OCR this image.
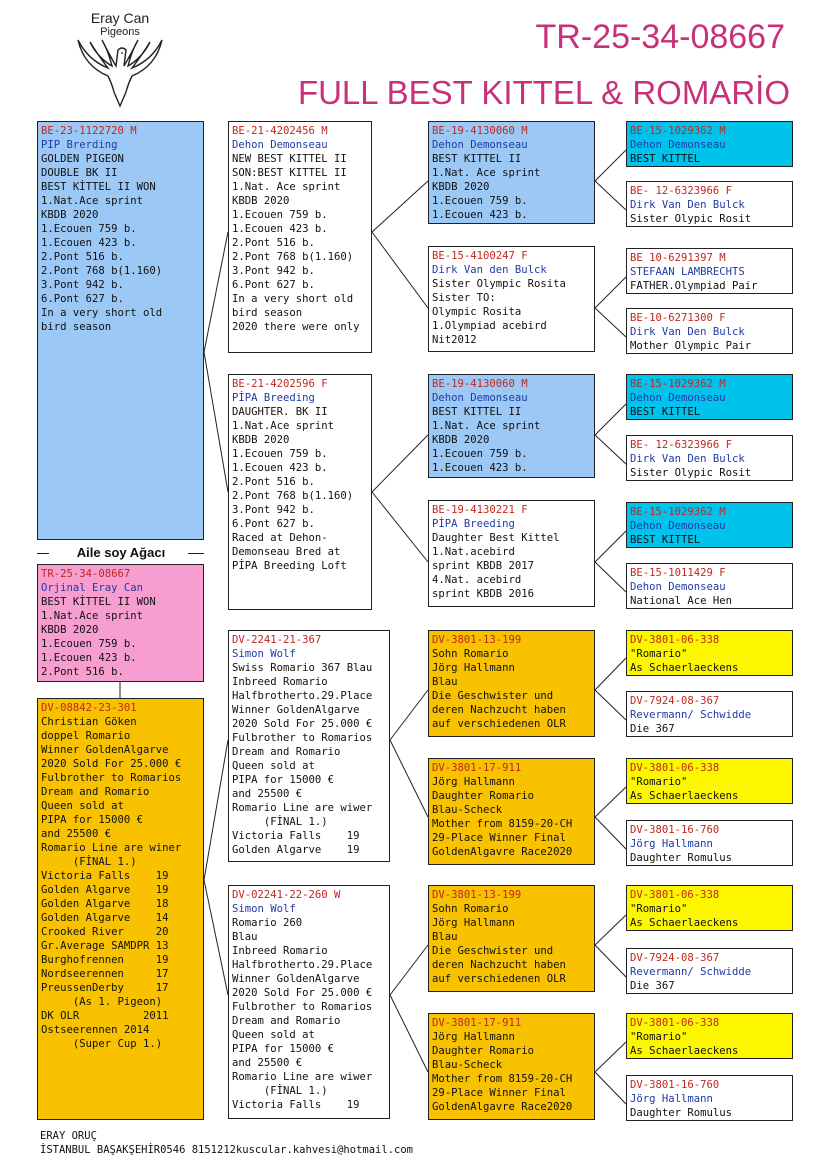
Eray Can
Pigeons	TR-25-34-08667
FULL BEST KITTEL & ROMARİO
BE-23-1122720 M
PIP Brerding
GOLDEN PIGEON
DOUBLE BK II
BEST KİTTEL II WON
1.Nat.Ace sprint
KBDB 2020
1.Ecouen 759 b.
1.Ecouen 423 b.
2.Pont 516 b.
2.Pont 768 b(1.160)
3.Pont 942 b.
6.Pont 627 b.
In a very short old
bird season
Aile soy Ağacı
TR-25-34-08667
Orjinal Eray Can
BEST KİTTEL II WON
1.Nat.Ace sprint
KBDB 2020
1.Ecouen 759 b.
1.Ecouen 423 b.
2.Pont 516 b.
DV-08842-23-301
Christian Göken
doppel Romario
Winner GoldenAlgarve
2020 Sold For 25.000 €
Fulbrother to Romarios
Dream and Romario
Queen sold at
PIPA for 15000 €
and 25500 €
Romario Line are winer
(FİNAL 1.)
Victoria Falls    19
Golden Algarve    19
Golden Algarve    18
Golden Algarve    14
Crooked River     20
Gr.Average SAMDPR 13
Burghofrennen     19
Nordseerennen     17
PreussenDerby     17
(As 1. Pigeon)
DK OLR          2011
Ostseerennen 2014
(Super Cup 1.)
BE-21-4202456 M
Dehon Demonseau
NEW BEST KITTEL II
SON:BEST KITTEL II
1.Nat. Ace sprint
KBDB 2020
1.Ecouen 759 b.
1.Ecouen 423 b.
2.Pont 516 b.
2.Pont 768 b(1.160)
3.Pont 942 b.
6.Pont 627 b.
In a very short old
bird season
2020 there were only
BE-21-4202596 F
PİPA Breeding
DAUGHTER. BK II
1.Nat.Ace sprint
KBDB 2020
1.Ecouen 759 b.
1.Ecouen 423 b.
2.Pont 516 b.
2.Pont 768 b(1.160)
3.Pont 942 b.
6.Pont 627 b.
Raced at Dehon-
Demonseau Bred at
PİPA Breeding Loft
DV-2241-21-367
Simon Wolf
Swiss Romario 367 Blau
Inbreed Romario
Halfbrotherto.29.Place
Winner GoldenAlgarve
2020 Sold For 25.000 €
Fulbrother to Romarios
Dream and Romario
Queen sold at
PIPA for 15000 €
and 25500 €
Romario Line are wiwer
(FİNAL 1.)
Victoria Falls    19
Golden Algarve    19
DV-02241-22-260 W
Simon Wolf
Romario 260
Blau
Inbreed Romario
Halfbrotherto.29.Place
Winner GoldenAlgarve
2020 Sold For 25.000 €
Fulbrother to Romarios
Dream and Romario
Queen sold at
PIPA for 15000 €
and 25500 €
Romario Line are wiwer
(FİNAL 1.)
Victoria Falls    19
BE-19-4130060 M
Dehon Demonseau
BEST KITTEL II
1.Nat. Ace sprint
KBDB 2020
1.Ecouen 759 b.
1.Ecouen 423 b.
BE-15-4100247 F
Dirk Van den Bulck
Sister Olympic Rosita
Sister TO:
Olympic Rosita
1.Olympiad acebird
Nit2012
BE-19-4130060 M
Dehon Demonseau
BEST KITTEL II
1.Nat. Ace sprint
KBDB 2020
1.Ecouen 759 b.
1.Ecouen 423 b.
BE-19-4130221 F
PİPA Breeding
Daughter Best Kittel
1.Nat.acebird
sprint KBDB 2017
4.Nat. acebird
sprint KBDB 2016
DV-3801-13-199
Sohn Romario
Jörg Hallmann
Blau
Die Geschwister und
deren Nachzucht haben
auf verschiedenen OLR
DV-3801-17-911
Jörg Hallmann
Daughter Romario
Blau-Scheck
Mother from 8159-20-CH
29-Place Winner Final
GoldenAlgavre Race2020
DV-3801-13-199
Sohn Romario
Jörg Hallmann
Blau
Die Geschwister und
deren Nachzucht haben
auf verschiedenen OLR
DV-3801-17-911
Jörg Hallmann
Daughter Romario
Blau-Scheck
Mother from 8159-20-CH
29-Place Winner Final
GoldenAlgavre Race2020
BE-15-1029362 M
Dehon Demonseau
BEST KITTEL
BE- 12-6323966 F
Dirk Van Den Bulck
Sister Olypic Rosit
BE 10-6291397 M
STEFAAN LAMBRECHTS
FATHER.Olympiad Pair
BE-10-6271300 F
Dirk Van Den Bulck
Mother Olympic Pair
BE-15-1029362 M
Dehon Demonseau
BEST KITTEL
BE- 12-6323966 F
Dirk Van Den Bulck
Sister Olypic Rosit
BE-15-1029362 M
Dehon Demonseau
BEST KITTEL
BE-15-1011429 F
Dehon Demonseau
National Ace Hen
DV-3801-06-338
"Romario"
As Schaerlaeckens
DV-7924-08-367
Revermann/ Schwidde
Die 367
DV-3801-06-338
"Romario"
As Schaerlaeckens
DV-3801-16-760
Jörg Hallmann
Daughter Romulus
DV-3801-06-338
"Romario"
As Schaerlaeckens
DV-7924-08-367
Revermann/ Schwidde
Die 367
DV-3801-06-338
"Romario"
As Schaerlaeckens
DV-3801-16-760
Jörg Hallmann
Daughter Romulus
ERAY ORUÇ
İSTANBUL BAŞAKŞEHİR0546 8151212kuscular.kahvesi@hotmail.com
